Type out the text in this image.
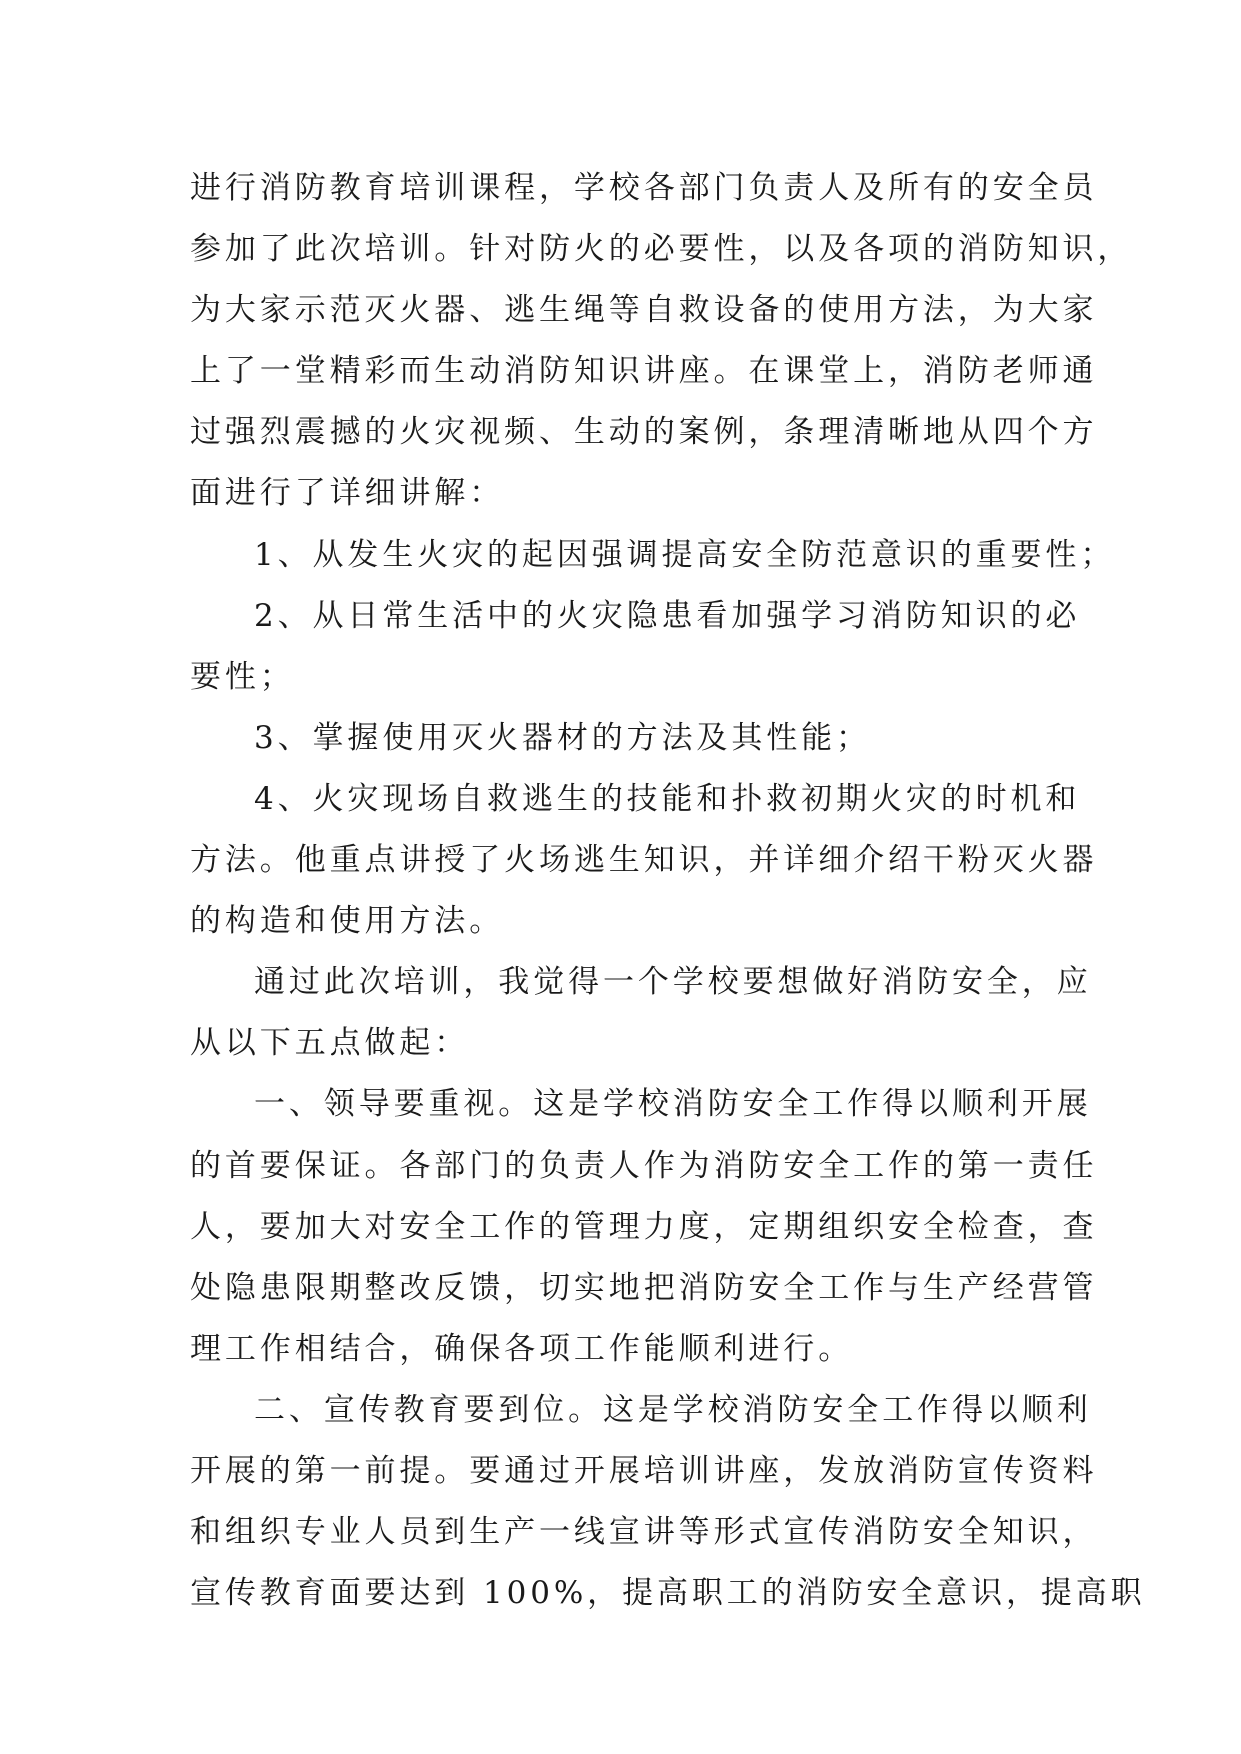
进行消防教育培训课程，学校各部门负责人及所有的安全员
参加了此次培训。针对防火的必要性，以及各项的消防知识，
为大家示范灭火器、逃生绳等自救设备的使用方法，为大家
上了一堂精彩而生动消防知识讲座。在课堂上，消防老师通
过强烈震撼的火灾视频、生动的案例，条理清晰地从四个方
面进行了详细讲解：
1、从发生火灾的起因强调提高安全防范意识的重要性；
2、从日常生活中的火灾隐患看加强学习消防知识的必
要性；
3、掌握使用灭火器材的方法及其性能；
4、火灾现场自救逃生的技能和扑救初期火灾的时机和
方法。他重点讲授了火场逃生知识，并详细介绍干粉灭火器
的构造和使用方法。
通过此次培训，我觉得一个学校要想做好消防安全，应
从以下五点做起：
一、领导要重视。这是学校消防安全工作得以顺利开展
的首要保证。各部门的负责人作为消防安全工作的第一责任
人，要加大对安全工作的管理力度，定期组织安全检查，查
处隐患限期整改反馈，切实地把消防安全工作与生产经营管
理工作相结合，确保各项工作能顺利进行。
二、宣传教育要到位。这是学校消防安全工作得以顺利
开展的第一前提。要通过开展培训讲座，发放消防宣传资料
和组织专业人员到生产一线宣讲等形式宣传消防安全知识，
宣传教育面要达到 100%，提高职工的消防安全意识，提高职
